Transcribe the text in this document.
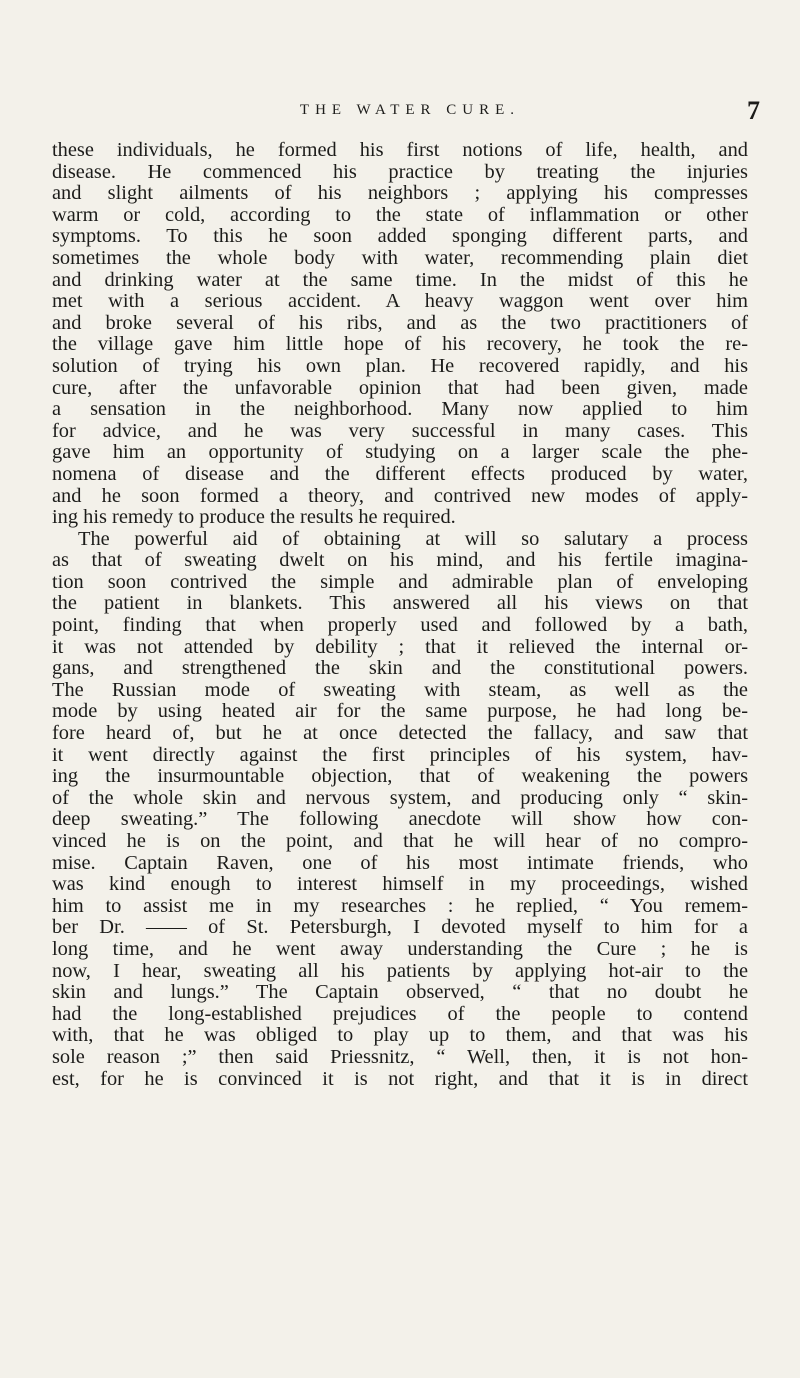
THE WATER CURE.	7
these individuals, he formed his first notions of life, health, and
disease. He commenced his practice by treating the injuries
and slight ailments of his neighbors ; applying his compresses
warm or cold, according to the state of inflammation or other
symptoms. To this he soon added sponging different parts, and
sometimes the whole body with water, recommending plain diet
and drinking water at the same time. In the midst of this he
met with a serious accident. A heavy waggon went over him
and broke several of his ribs, and as the two practitioners of
the village gave him little hope of his recovery, he took the re-
solution of trying his own plan. He recovered rapidly, and his
cure, after the unfavorable opinion that had been given, made
a sensation in the neighborhood. Many now applied to him
for advice, and he was very successful in many cases. This
gave him an opportunity of studying on a larger scale the phe-
nomena of disease and the different effects produced by water,
and he soon formed a theory, and contrived new modes of apply-
ing his remedy to produce the results he required.
The powerful aid of obtaining at will so salutary a process
as that of sweating dwelt on his mind, and his fertile imagina-
tion soon contrived the simple and admirable plan of enveloping
the patient in blankets. This answered all his views on that
point, finding that when properly used and followed by a bath,
it was not attended by debility ; that it relieved the internal or-
gans, and strengthened the skin and the constitutional powers.
The Russian mode of sweating with steam, as well as the
mode by using heated air for the same purpose, he had long be-
fore heard of, but he at once detected the fallacy, and saw that
it went directly against the first principles of his system, hav-
ing the insurmountable objection, that of weakening the powers
of the whole skin and nervous system, and producing only “ skin-
deep sweating.” The following anecdote will show how con-
vinced he is on the point, and that he will hear of no compro-
mise. Captain Raven, one of his most intimate friends, who
was kind enough to interest himself in my proceedings, wished
him to assist me in my researches : he replied, “ You remem-
ber Dr. —— of St. Petersburgh, I devoted myself to him for a
long time, and he went away understanding the Cure ; he is
now, I hear, sweating all his patients by applying hot-air to the
skin and lungs.” The Captain observed, “ that no doubt he
had the long-established prejudices of the people to contend
with, that he was obliged to play up to them, and that was his
sole reason ;” then said Priessnitz, “ Well, then, it is not hon-
est, for he is convinced it is not right, and that it is in direct
